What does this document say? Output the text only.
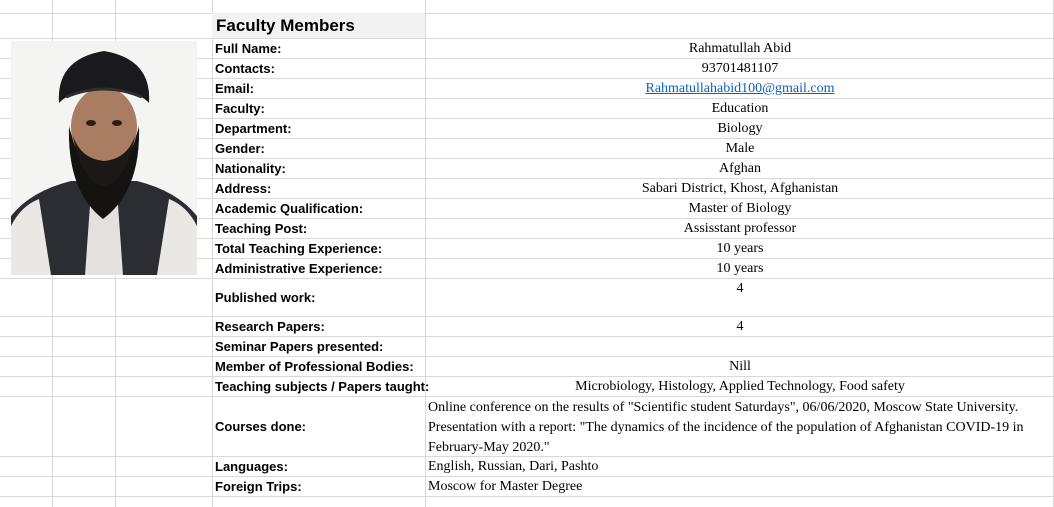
Faculty Members
Full Name:
Contacts:
Email:
Faculty:
Department:
Gender:
Nationality:
Address:
Academic Qualification:
Teaching Post:
Total Teaching Experience:
Administrative Experience:
Published work:
Research Papers:
Seminar Papers presented:
Member of Professional Bodies:
Teaching subjects / Papers taught:
Courses done:
Languages:
Foreign Trips:
Rahmatullah Abid
93701481107
Rahmatullahabid100@gmail.com
Education
Biology
Male
Afghan
Sabari District, Khost, Afghanistan
Master of Biology
Assisstant professor
10 years
10 years
4
4
Nill
Microbiology, Histology, Applied Technology, Food safety
Online conference on the results of "Scientific student Saturdays", 06/06/2020, Moscow State University. Presentation with a report: "The dynamics of the incidence of the population of Afghanistan COVID-19 in February-May 2020."
English, Russian, Dari, Pashto
Moscow for Master Degree
